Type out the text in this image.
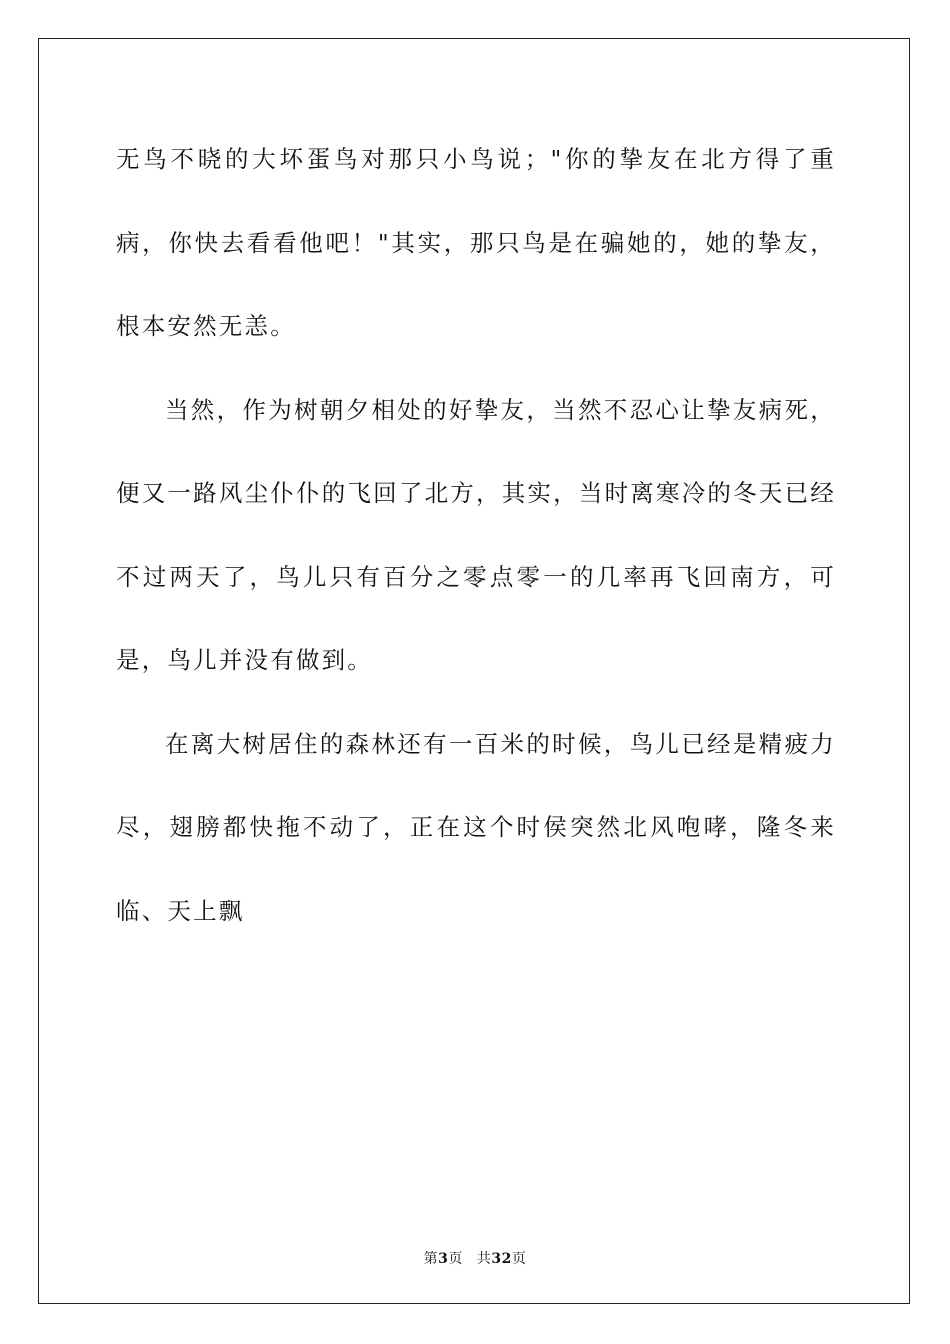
无鸟不晓的大坏蛋鸟对那只小鸟说；"你的挚友在北方得了重病，你快去看看他吧！"其实，那只鸟是在骗她的，她的挚友，根本安然无恙。

当然，作为树朝夕相处的好挚友，当然不忍心让挚友病死，便又一路风尘仆仆的飞回了北方，其实，当时离寒冷的冬天已经不过两天了，鸟儿只有百分之零点零一的几率再飞回南方，可是，鸟儿并没有做到。

在离大树居住的森林还有一百米的时候，鸟儿已经是精疲力尽，翅膀都快拖不动了，正在这个时侯突然北风咆哮，隆冬来临、天上飘

第3页 共32页
